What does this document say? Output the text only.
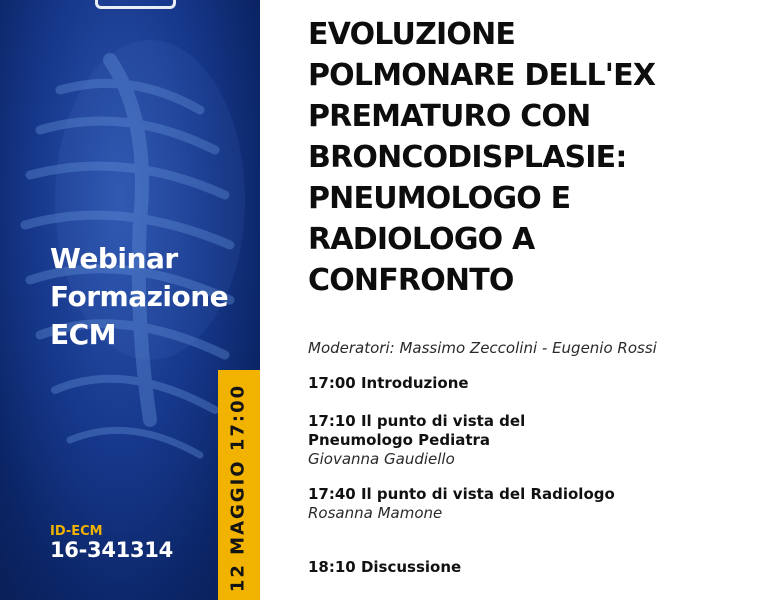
Webinar
Formazione
ECM
ID-ECM
16-341314	12 MAGGIO 17:00
EVOLUZIONE
POLMONARE DELL'EX
PREMATURO CON
BRONCODISPLASIE:
PNEUMOLOGO E
RADIOLOGO A
CONFRONTO
Moderatori: Massimo Zeccolini - Eugenio Rossi
17:00 Introduzione
17:10 Il punto di vista del
Pneumologo Pediatra
Giovanna Gaudiello
17:40 Il punto di vista del Radiologo
Rosanna Mamone
18:10 Discussione
